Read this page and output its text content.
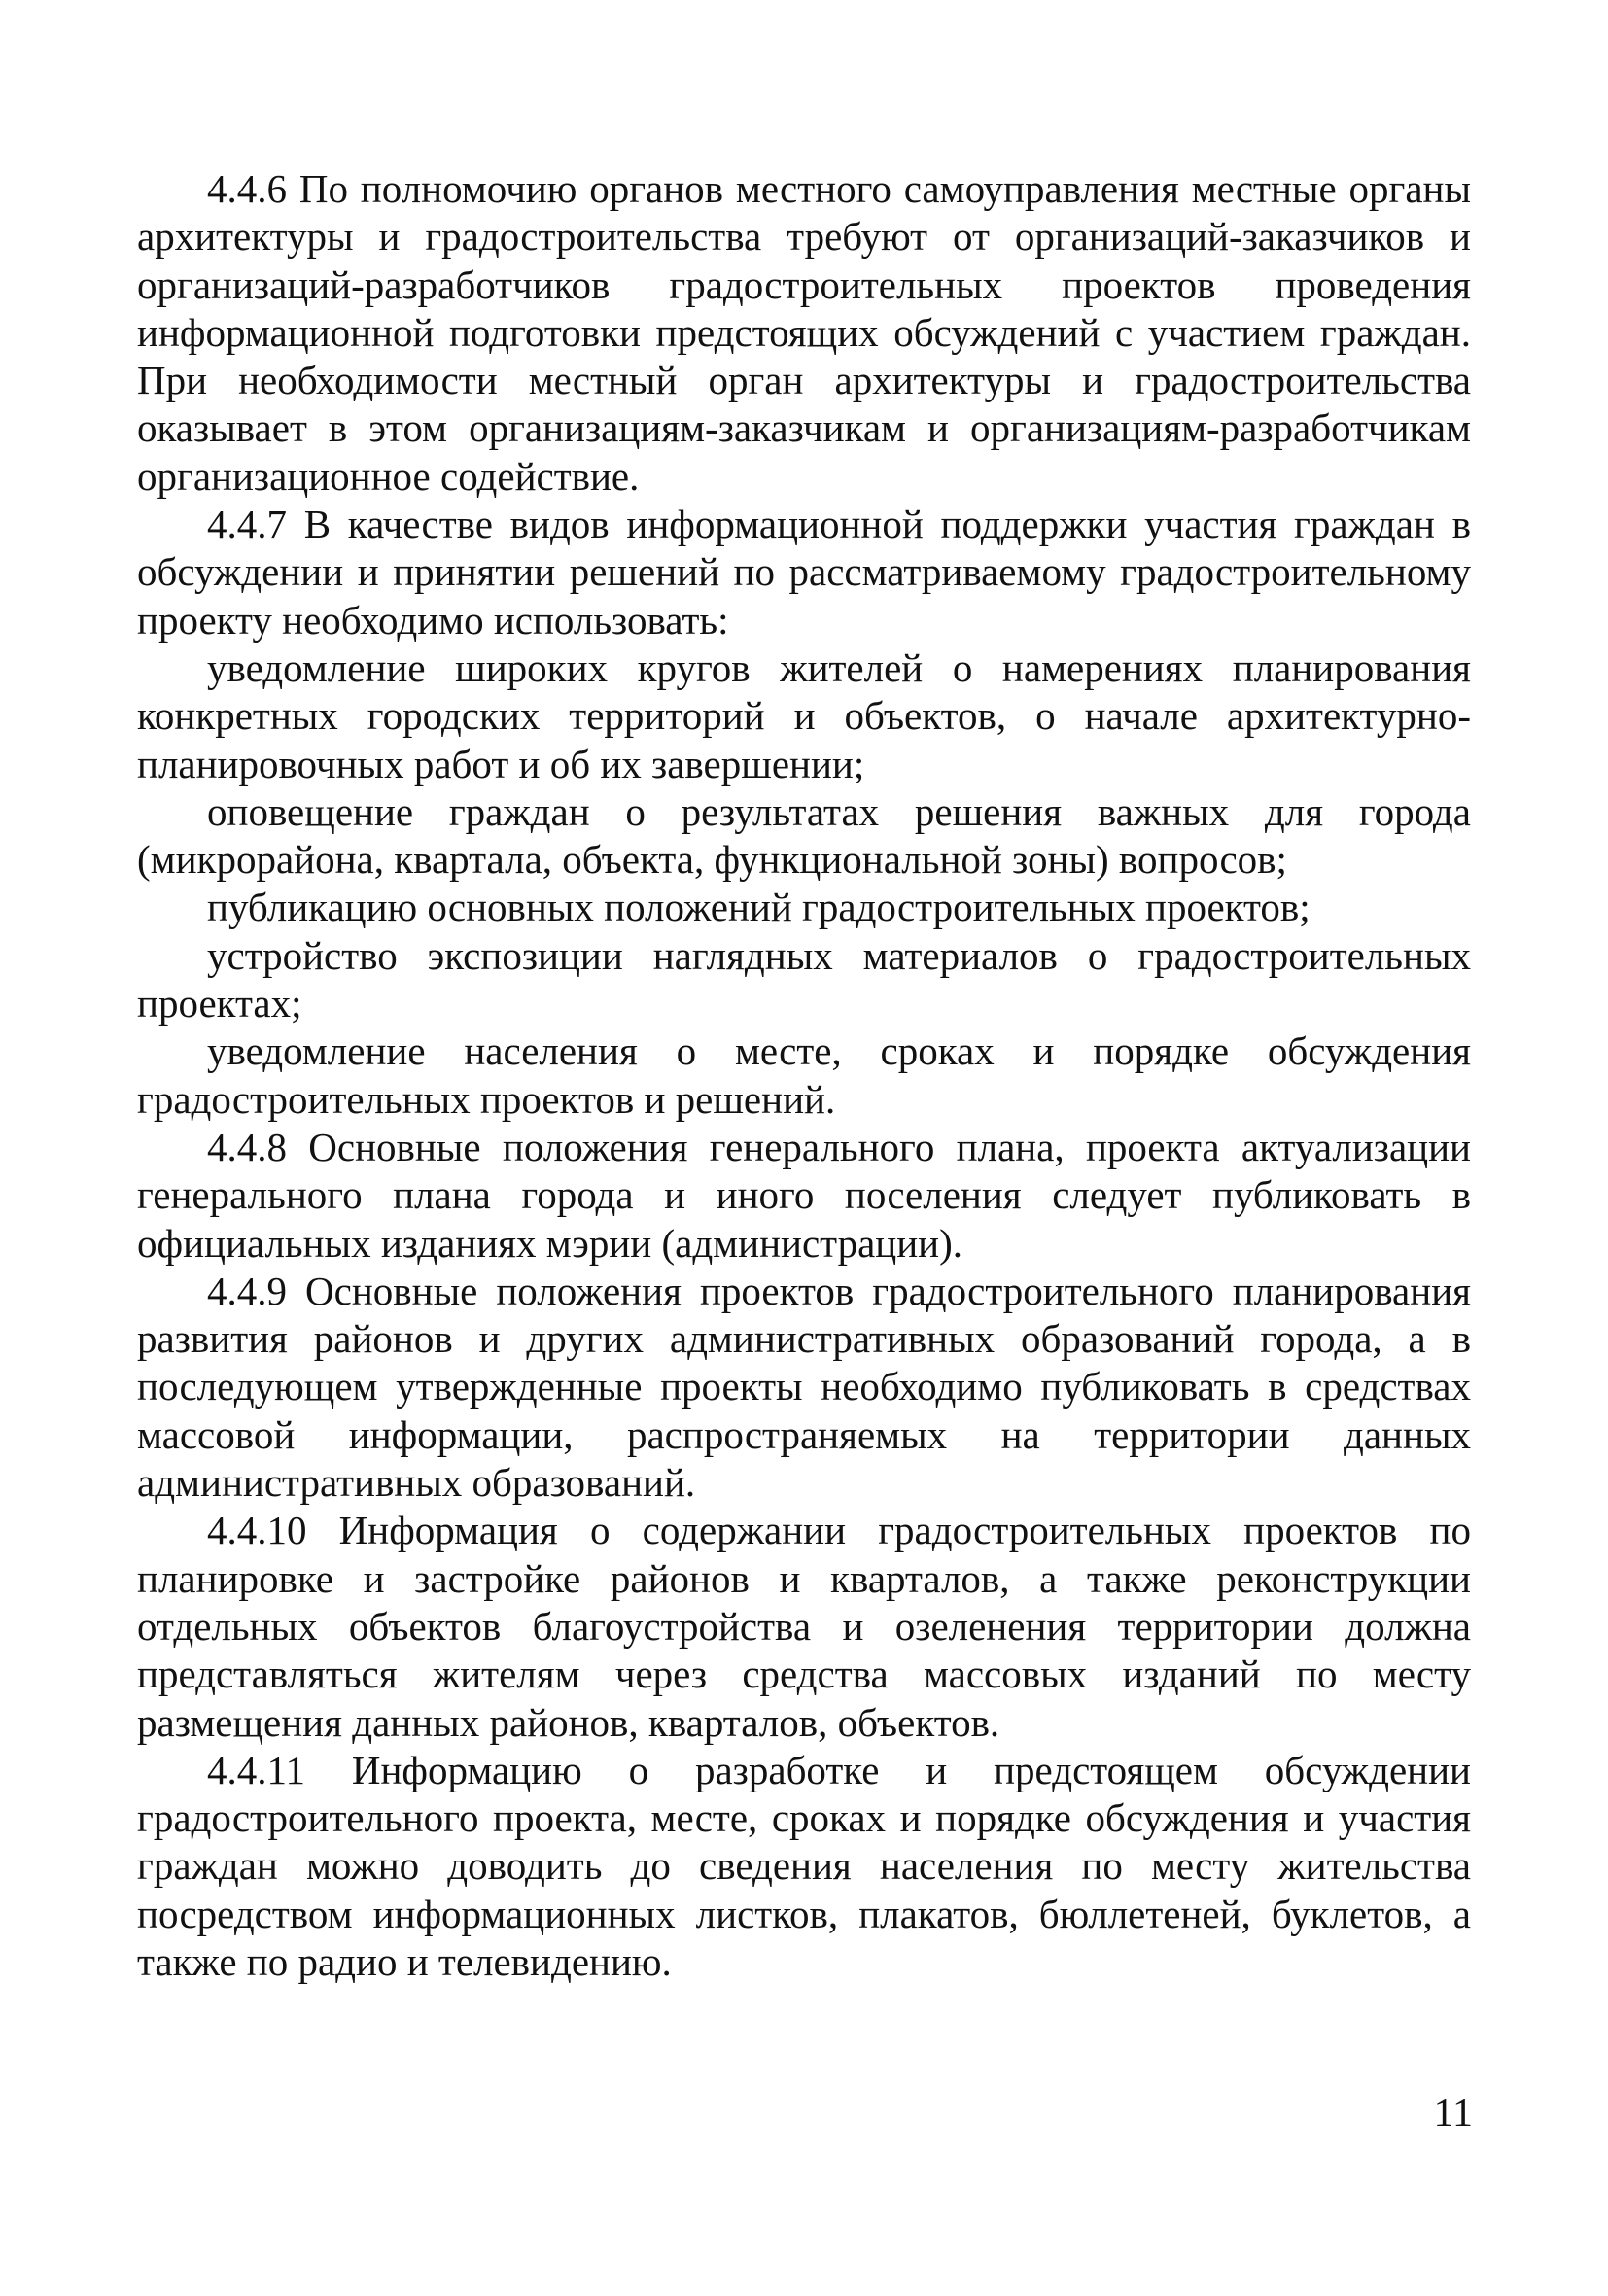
4.4.6 По полномочию органов местного самоуправления местные органы архитектуры и градостроительства требуют от организаций-заказчиков и организаций-разработчиков градостроительных проектов проведения информационной подготовки предстоящих обсуждений с участием граждан. При необходимости местный орган архитектуры и градостроительства оказывает в этом организациям-заказчикам и организациям-разработчикам организационное содействие.

4.4.7 В качестве видов информационной поддержки участия граждан в обсуждении и принятии решений по рассматриваемому градостроительному проекту необходимо использовать:

уведомление широких кругов жителей о намерениях планирования конкретных городских территорий и объектов, о начале архитектурно-планировочных работ и об их завершении;

оповещение граждан о результатах решения важных для города (микрорайона, квартала, объекта, функциональной зоны) вопросов;

публикацию основных положений градостроительных проектов;

устройство экспозиции наглядных материалов о градостроительных проектах;

уведомление населения о месте, сроках и порядке обсуждения градостроительных проектов и решений.

4.4.8 Основные положения генерального плана, проекта актуализации генерального плана города и иного поселения следует публиковать в официальных изданиях мэрии (администрации).

4.4.9 Основные положения проектов градостроительного планирования развития районов и других административных образований города, а в последующем утвержденные проекты необходимо публиковать в средствах массовой информации, распространяемых на территории данных административных образований.

4.4.10 Информация о содержании градостроительных проектов по планировке и застройке районов и кварталов, а также реконструкции отдельных объектов благоустройства и озеленения территории должна представляться жителям через средства массовых изданий по месту размещения данных районов, кварталов, объектов.

4.4.11 Информацию о разработке и предстоящем обсуждении градостроительного проекта, месте, сроках и порядке обсуждения и участия граждан можно доводить до сведения населения по месту жительства посредством информационных листков, плакатов, бюллетеней, буклетов, а также по радио и телевидению.

11
